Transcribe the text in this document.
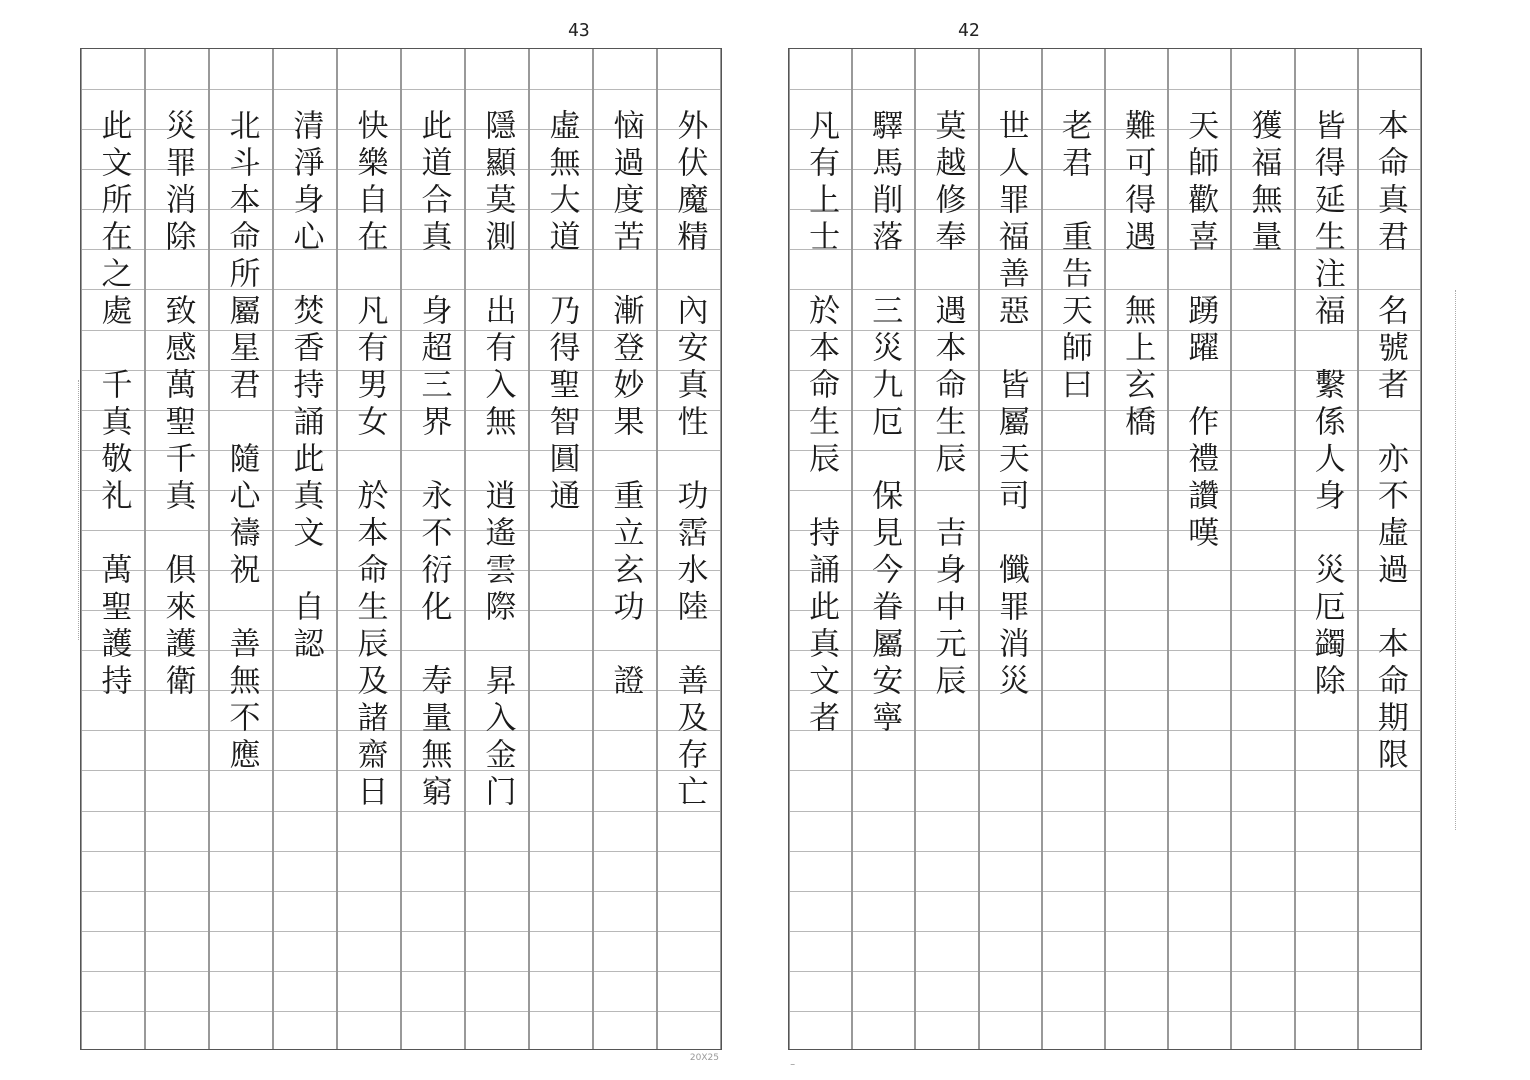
43	42
20X25
外伏魔精　內安真性　功霑水陸　善及存亡
恼過度苦　漸登妙果　重立玄功　證
虛無大道　乃得聖智圓通
隱顯莫測　出有入無　逍遙雲際　昇入金门
此道合真　身超三界　永不衍化　寿量無窮
快樂自在　凡有男女　於本命生辰及諸齋日
清淨身心　焚香持誦此真文　自認
北斗本命所屬星君　隨心禱祝　善無不應
災罪消除　致感萬聖千真　俱來護衛
此文所在之處　千真敬礼　萬聖護持	本命真君　名號者　亦不虛過　本命期限
皆得延生注福　繫係人身　災厄蠲除
獲福無量
天師歡喜　踴躍　作禮讚嘆
難可得遇　無上玄橋
老君　重告天師曰
世人罪福善惡　皆屬天司　懺罪消災
莫越修奉　遇本命生辰　吉身中元辰
驛馬削落　三災九厄　保見今眷屬安寧
凡有上士　於本命生辰　持誦此真文者
⁻
